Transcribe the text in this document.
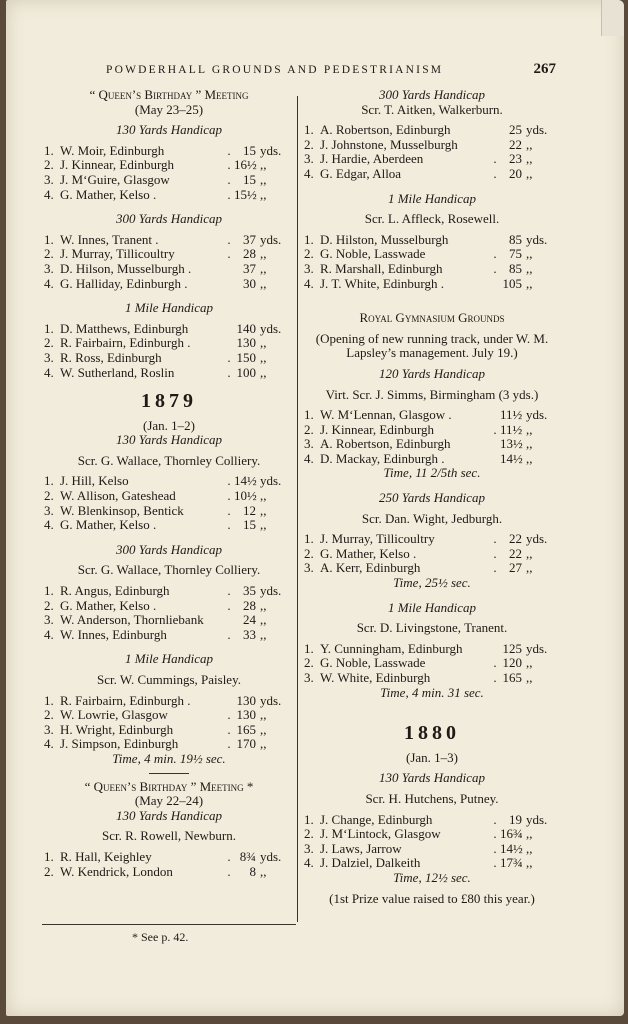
POWDERHALL GROUNDS AND PEDESTRIANISM	267
“ Queen’s Birthday ” Meeting
(May 23–25)
130 Yards Handicap
1. W. Moir, Edinburgh	. 15 yds.
2. J. Kinnear, Edinburgh	. 16½ ,,
3. J. M‘Guire, Glasgow	. 15 ,,
4. G. Mather, Kelso .	. 15½ ,,
300 Yards Handicap
1. W. Innes, Tranent .	. 37 yds.
2. J. Murray, Tillicoultry	. 28 ,,
3. D. Hilson, Musselburgh .	37 ,,
4. G. Halliday, Edinburgh .	30 ,,
1 Mile Handicap
1. D. Matthews, Edinburgh	140 yds.
2. R. Fairbairn, Edinburgh .	130 ,,
3. R. Ross, Edinburgh	. 150 ,,
4. W. Sutherland, Roslin	. 100 ,,
1879
(Jan. 1–2)
130 Yards Handicap
Scr. G. Wallace, Thornley Colliery.
1. J. Hill, Kelso	. 14½ yds.
2. W. Allison, Gateshead	. 10½ ,,
3. W. Blenkinsop, Bentick	. 12 ,,
4. G. Mather, Kelso .	. 15 ,,
300 Yards Handicap
Scr. G. Wallace, Thornley Colliery.
1. R. Angus, Edinburgh	. 35 yds.
2. G. Mather, Kelso .	. 28 ,,
3. W. Anderson, Thornliebank	24 ,,
4. W. Innes, Edinburgh	. 33 ,,
1 Mile Handicap
Scr. W. Cummings, Paisley.
1. R. Fairbairn, Edinburgh .	130 yds.
2. W. Lowrie, Glasgow	. 130 ,,
3. H. Wright, Edinburgh	. 165 ,,
4. J. Simpson, Edinburgh	. 170 ,,
Time, 4 min. 19½ sec.
“ Queen’s Birthday ” Meeting *
(May 22–24)
130 Yards Handicap
Scr. R. Rowell, Newburn.
1. R. Hall, Keighley	. 8¾ yds.
2. W. Kendrick, London	.	8 ,,
* See p. 42.
300 Yards Handicap
Scr. T. Aitken, Walkerburn.
1. A. Robertson, Edinburgh	25 yds.
2. J. Johnstone, Musselburgh	22 ,,
3. J. Hardie, Aberdeen	. 23 ,,
4. G. Edgar, Alloa	. 20 ,,
1 Mile Handicap
Scr. L. Affleck, Rosewell.
1. D. Hilston, Musselburgh	85 yds.
2. G. Noble, Lasswade	. 75 ,,
3. R. Marshall, Edinburgh	. 85 ,,
4. J. T. White, Edinburgh .	105 ,,
Royal Gymnasium Grounds
(Opening of new running track, under W. M. Lapsley’s management. July 19.)
120 Yards Handicap
Virt. Scr. J. Simms, Birmingham (3 yds.)
1. W. M‘Lennan, Glasgow .	11½ yds.
2. J. Kinnear, Edinburgh	. 11½ ,,
3. A. Robertson, Edinburgh	13½ ,,
4. D. Mackay, Edinburgh .	14½ ,,
Time, 11 2/5th sec.
250 Yards Handicap
Scr. Dan. Wight, Jedburgh.
1. J. Murray, Tillicoultry	. 22 yds.
2. G. Mather, Kelso .	. 22 ,,
3. A. Kerr, Edinburgh	. 27 ,,
Time, 25½ sec.
1 Mile Handicap
Scr. D. Livingstone, Tranent.
1. Y. Cunningham, Edinburgh	125 yds.
2. G. Noble, Lasswade	. 120 ,,
3. W. White, Edinburgh	. 165 ,,
Time, 4 min. 31 sec.
1880
(Jan. 1–3)
130 Yards Handicap
Scr. H. Hutchens, Putney.
1. J. Change, Edinburgh	. 19 yds.
2. J. M‘Lintock, Glasgow	. 16¾ ,,
3. J. Laws, Jarrow	. 14½ ,,
4. J. Dalziel, Dalkeith	. 17¾ ,,
Time, 12½ sec.
(1st Prize value raised to £80 this year.)
